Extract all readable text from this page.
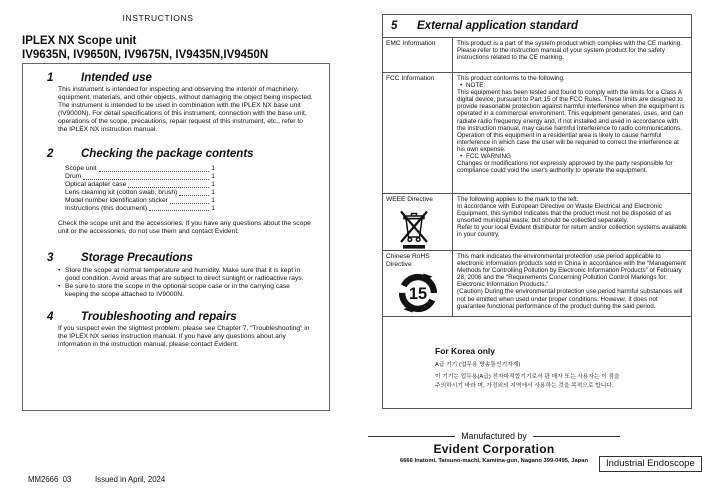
INSTRUCTIONS
IPLEX NX Scope unit
IV9635N, IV9650N, IV9675N, IV9435N,IV9450N
1	Intended use

This instrument is intended for inspecting and observing the interior of machinery, equipment, materials, and other objects, without damaging the object being inspected.

The instrument is intended to be used in combination with the IPLEX NX base unit (IV9000N). For detail specifications of this instrument, connection with the base unit, operations of the scope, precautions, repair request of this instrument, etc., refer to the IPLEX NX instruction manual.

2	Checking the package contents
Scope unit	1
Drum	1
Optical adapter case	1
Lens cleaning kit (cotton swab, brush)	1
Model number identification sticker	1
Instructions (this document)	1
Check the scope unit and the accessories. If you have any questions about the scope unit or the accessories, do not use them and contact Evident.
3	Storage Precautions
• Store the scope at normal temperature and humidity. Make sure that it is kept in good condition. Avoid areas that are subject to direct sunlight or radioactive rays.
• Be sure to store the scope in the optional scope case or in the carrying case keeping the scope attached to IV9000N.
4	Troubleshooting and repairs

If you suspect even the slightest problem, please see Chapter 7, “Troubleshooting” in the IPLEX NX series instruction manual. If you have any questions about any information in the instruction manual, please contact Evident.

5	External application standard
EMC Information	This product is a part of the system product which complies with the CE marking.

Please refer to the instruction manual of your system product for the safety instructions related to the CE marking.

FCC Information	This product conforms to the following.

• NOTE:

This equipment has been tested and found to comply with the limits for a Class A digital device, pursuant to Part 15 of the FCC Rules. These limits are designed to provide reasonable protection against harmful interference when the equipment is operated in a commercial environment. This equipment generates, uses, and can radiate radio frequency energy and, if not installed and used in accordance with the instruction manual, may cause harmful interference to radio communications.

Operation of this equipment in a residential area is likely to cause harmful interference in which case the user will be required to correct the interference at his own expense.

• FCC WARNING

Changes or modifications not expressly approved by the party responsible for compliance could void the user's authority to operate the equipment.

WEEE Directive	The following applies to the mark to the left.

In accordance with European Directive on Waste Electrical and Electronic Equipment, this symbol indicates that the product must not be disposed of as unsorted municipal waste, but should be collected separately.

Refer to your local Evident distributor for return and/or collection systems available in your country.

Chinese RoHS Directive
15

This mark indicates the environmental protection use period applicable to electronic information products sold in China in accordance with the “Management Methods for Controlling Pollution by Electronic Information Products” of February 28, 2006 and the “Requirements Concerning Pollution Control Markings for Electronic Information Products.”

(Caution) During the environmental protection use period harmful substances will not be emitted when used under proper conditions. However, it does not guarantee functional performance of the product during the said period.

For Korea only
A급 기기 (업무용 방송통신기자재)
이 기기는 업무용(A급) 전자파적합기기로서 판 매자 또는 사용자는 이 점을
주의하시기 바라 며, 가정외의 지역에서 사용하는 것을 목적으로 합니다.
Manufactured by
Evident Corporation
6666 Inatomi, Tatsuno-machi, Kamiina-gun, Nagano 399-0495, Japan	Industrial Endoscope
MM2666  03	Issued in April, 2024
